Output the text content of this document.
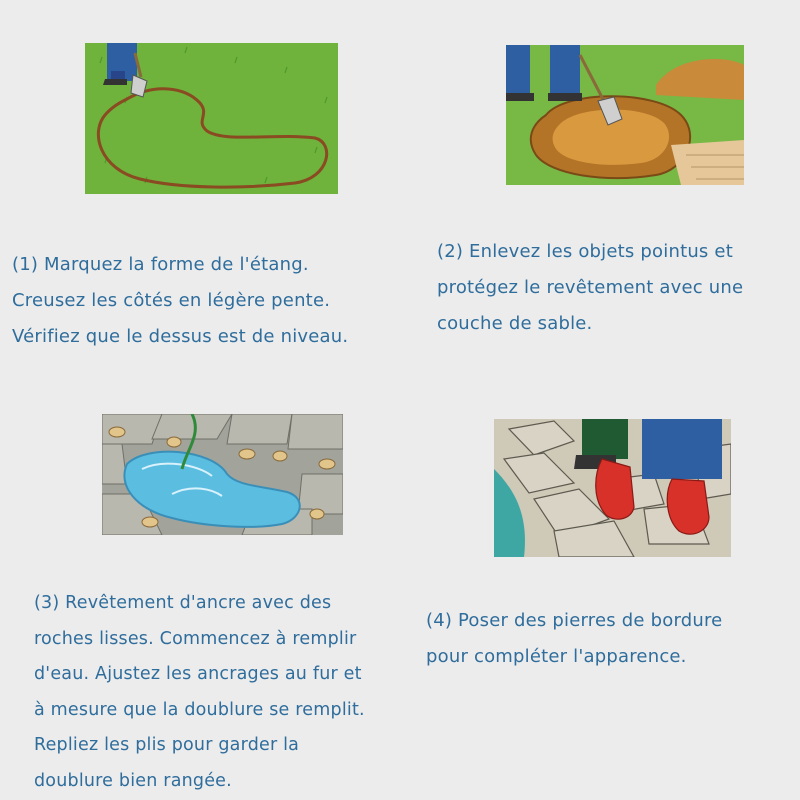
(1) Marquez la forme de l'étang.
Creusez les côtés en légère pente.
Vérifiez que le dessus est de niveau.

(2) Enlevez les objets pointus et
protégez le revêtement avec une
couche de sable.

(3) Revêtement d'ancre avec des
roches lisses. Commencez à remplir
d'eau. Ajustez les ancrages au fur et
à mesure que la doublure se remplit.
Repliez les plis pour garder la
doublure bien rangée.

(4) Poser des pierres de bordure
pour compléter l'apparence.
